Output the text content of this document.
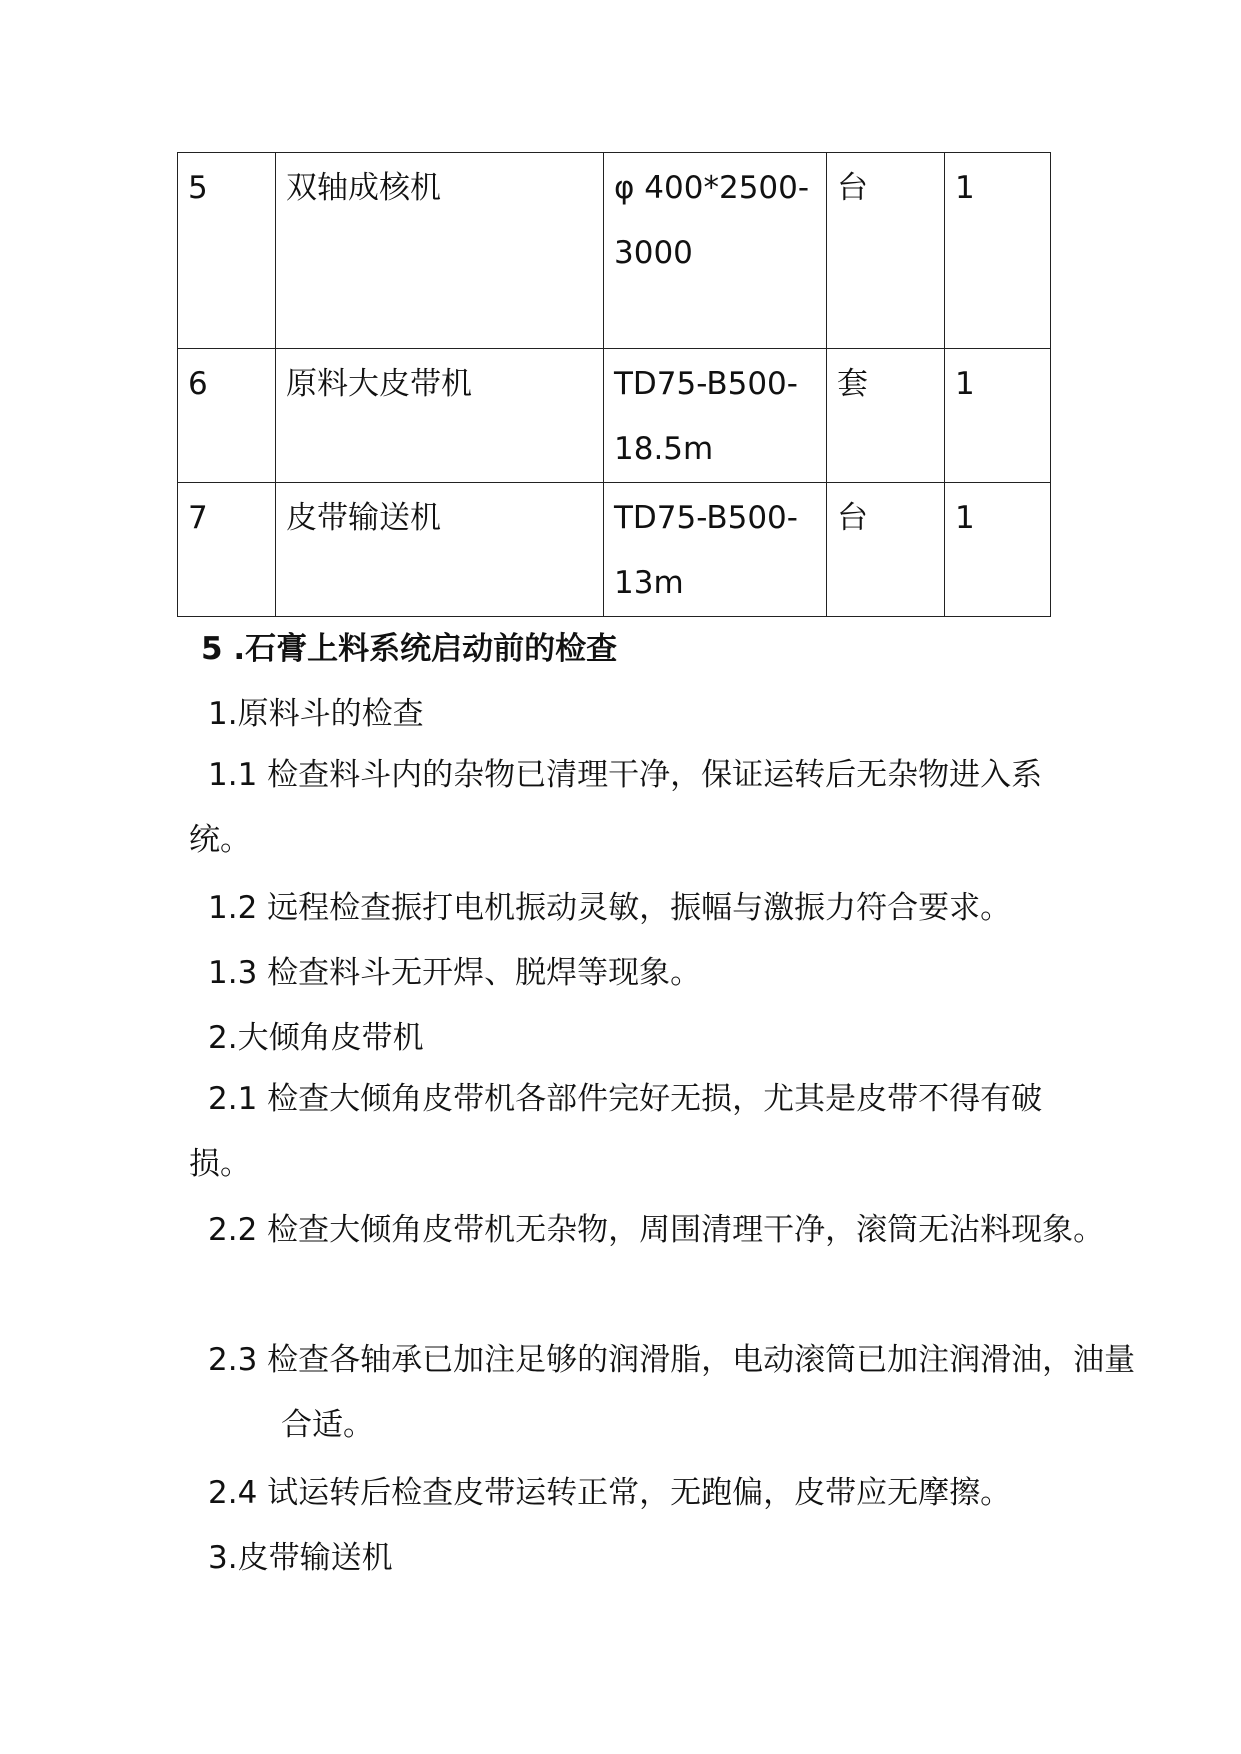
5	双轴成核机	φ 400*2500-3000	台	1
6	原料大皮带机	TD75-B500-18.5m	套	1
7	皮带输送机	TD75-B500-13m	台	1
5 .石膏上料系统启动前的检查
1.原料斗的检查
1.1 检查料斗内的杂物已清理干净，保证运转后无杂物进入系统。
1.2 远程检查振打电机振动灵敏，振幅与激振力符合要求。
1.3 检查料斗无开焊、脱焊等现象。
2.大倾角皮带机
2.1 检查大倾角皮带机各部件完好无损，尤其是皮带不得有破损。
2.2 检查大倾角皮带机无杂物，周围清理干净，滚筒无沾料现象。
2.3 检查各轴承已加注足够的润滑脂，电动滚筒已加注润滑油，油量合适。
2.4 试运转后检查皮带运转正常，无跑偏，皮带应无摩擦。
3.皮带输送机
